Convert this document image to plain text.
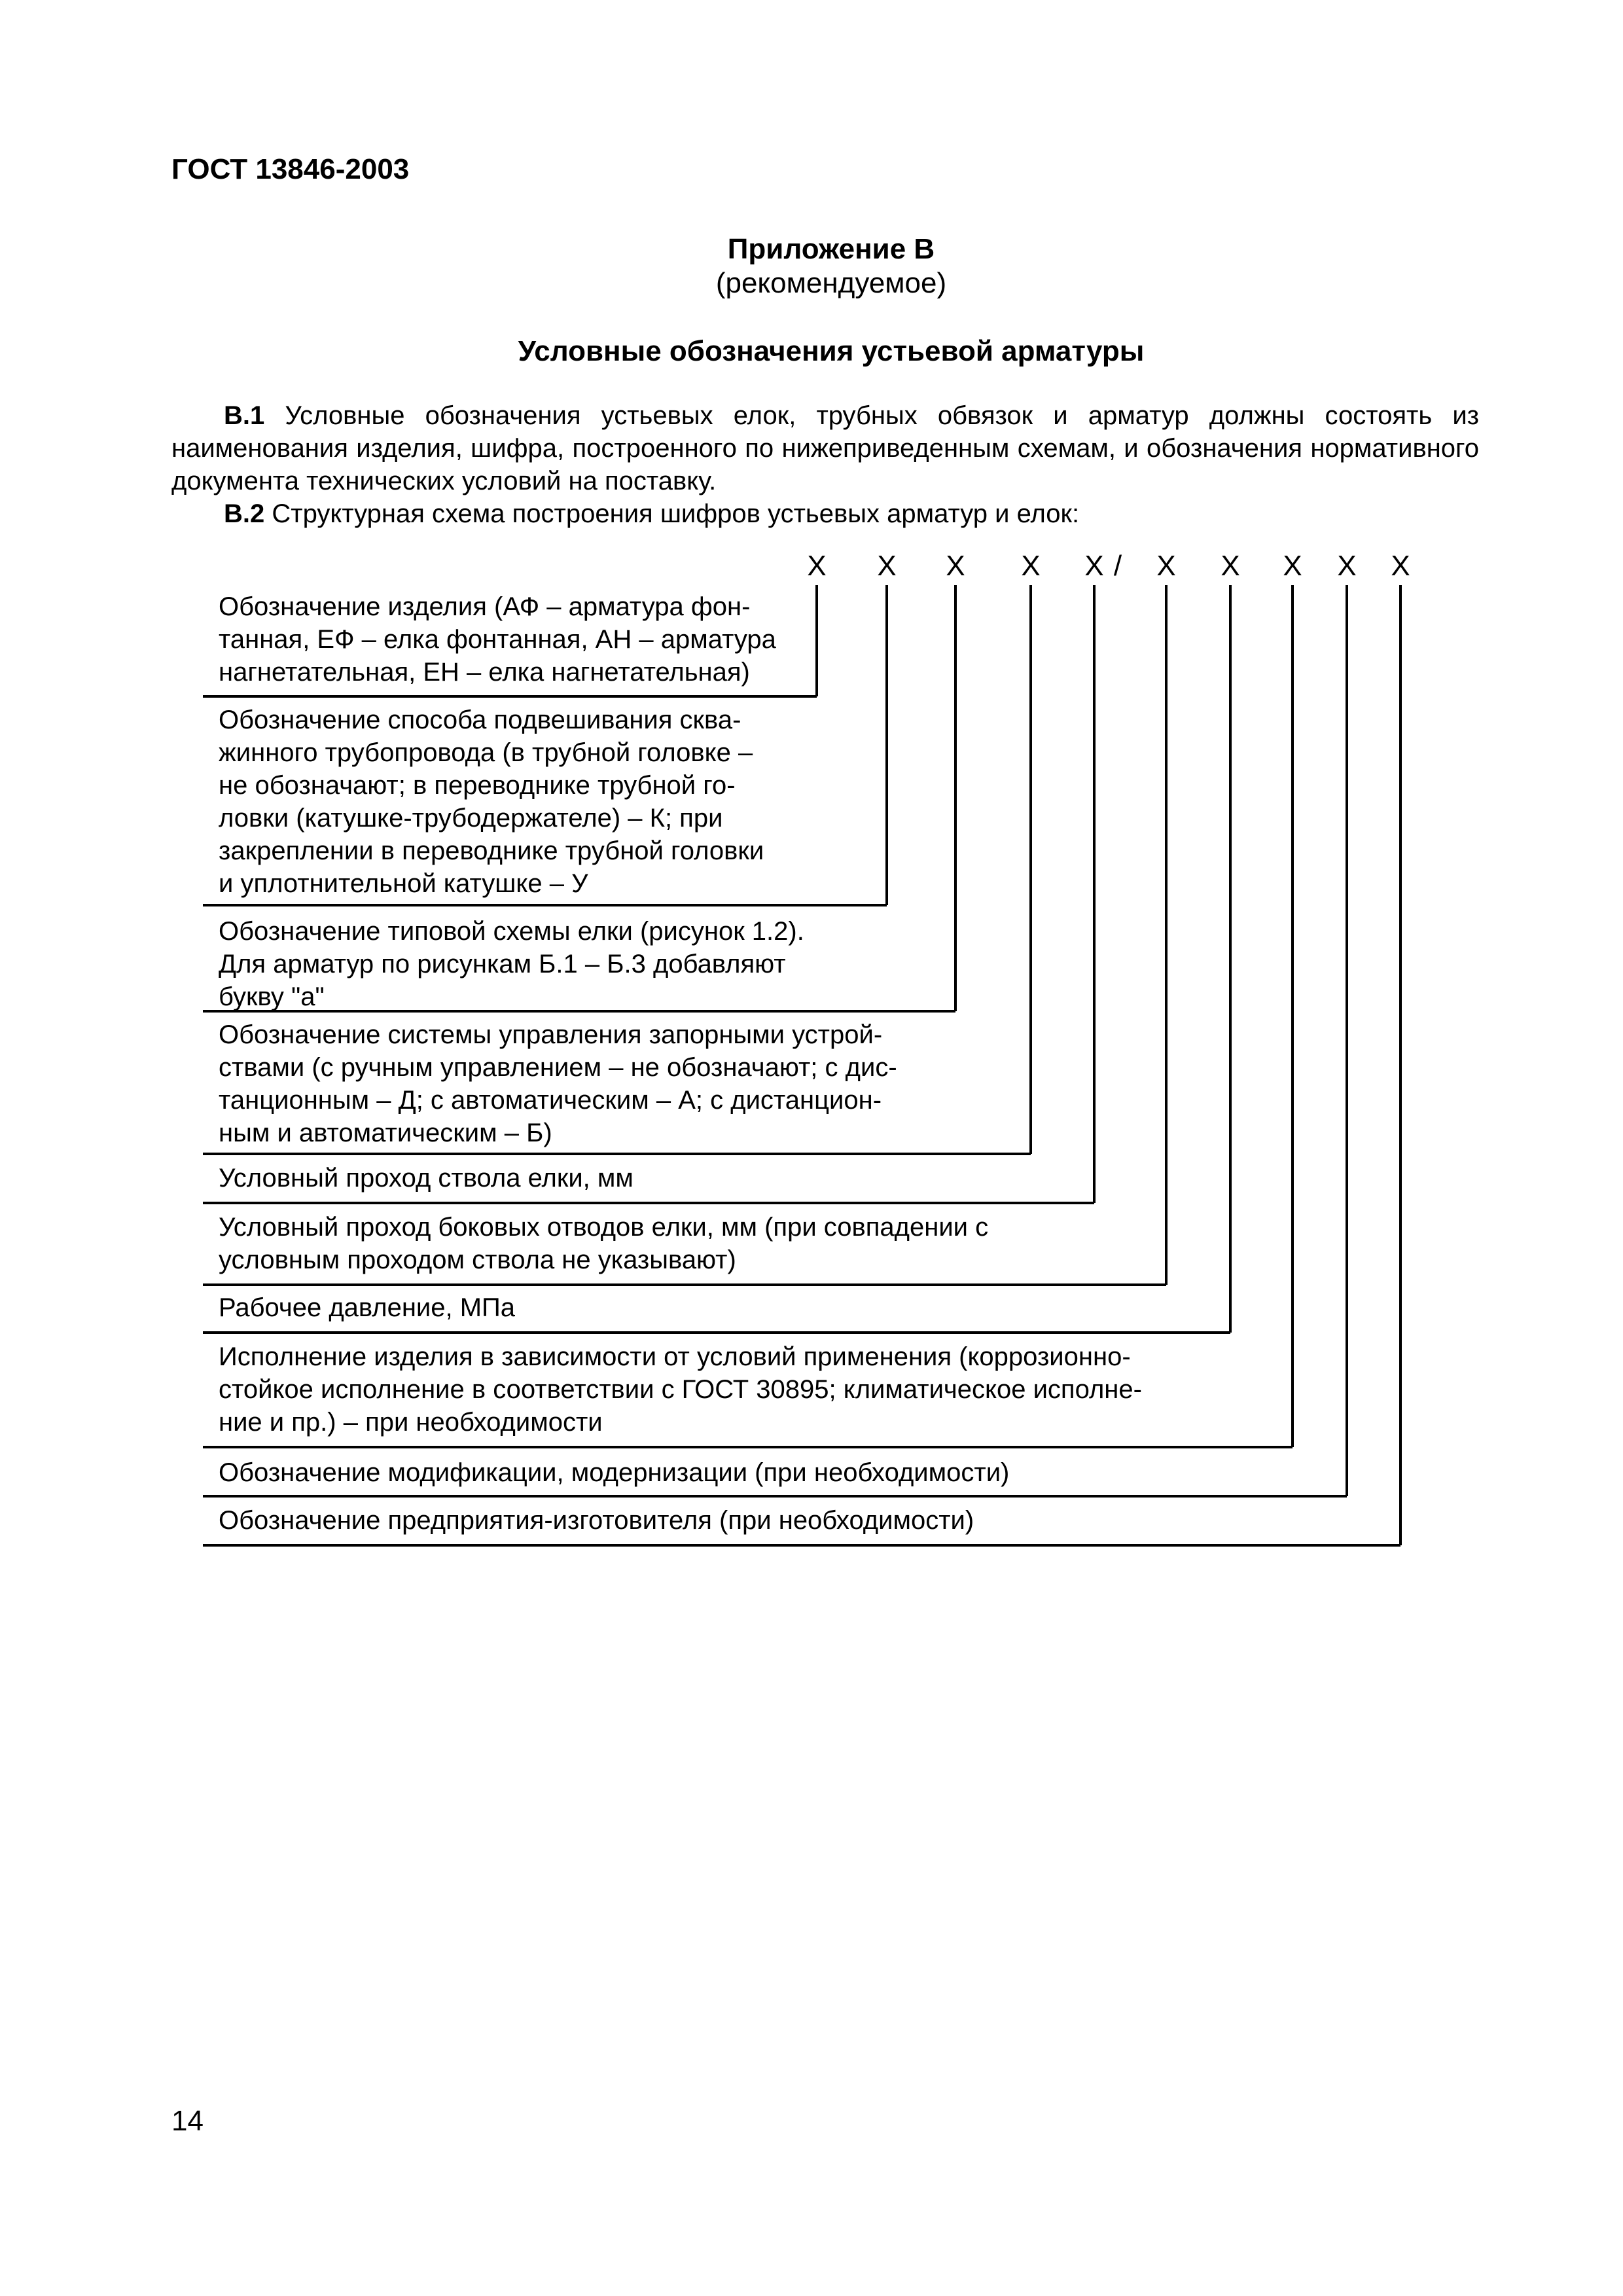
ГОСТ 13846-2003
Приложение В
(рекомендуемое)
Условные обозначения устьевой арматуры
В.1 Условные обозначения устьевых елок, трубных обвязок и арматур должны состоять из наименования изделия, шифра, построенного по нижеприведенным схемам, и обозначения нормативного документа технических условий на поставку.
В.2 Структурная схема построения шифров устьевых арматур и елок:
/
X	X	X	X	X	X	X	X	X	X
Обозначение изделия (АФ – арматура фон-
танная, ЕФ – елка фонтанная, АН – арматура
нагнетательная, ЕН – елка нагнетательная)
Обозначение способа подвешивания сква-
жинного трубопровода (в трубной головке –
не обозначают; в переводнике трубной го-
ловки (катушке-трубодержателе) – К; при
закреплении в переводнике трубной головки
и уплотнительной катушке – У
Обозначение типовой схемы елки (рисунок 1.2).
Для арматур по рисункам Б.1 – Б.3 добавляют
букву "а"
Обозначение системы управления запорными устрой-
ствами (с ручным управлением – не обозначают; с дис-
танционным – Д; с автоматическим – А; с дистанцион-
ным и автоматическим – Б)
Условный проход ствола елки, мм
Условный проход боковых отводов елки, мм (при совпадении с
условным проходом ствола не указывают)
Рабочее давление, МПа
Исполнение изделия в зависимости от условий применения (коррозионно-
стойкое исполнение в соответствии с ГОСТ 30895; климатическое исполне-
ние и пр.) – при необходимости
Обозначение модификации, модернизации (при необходимости)
Обозначение предприятия-изготовителя (при необходимости)
14
